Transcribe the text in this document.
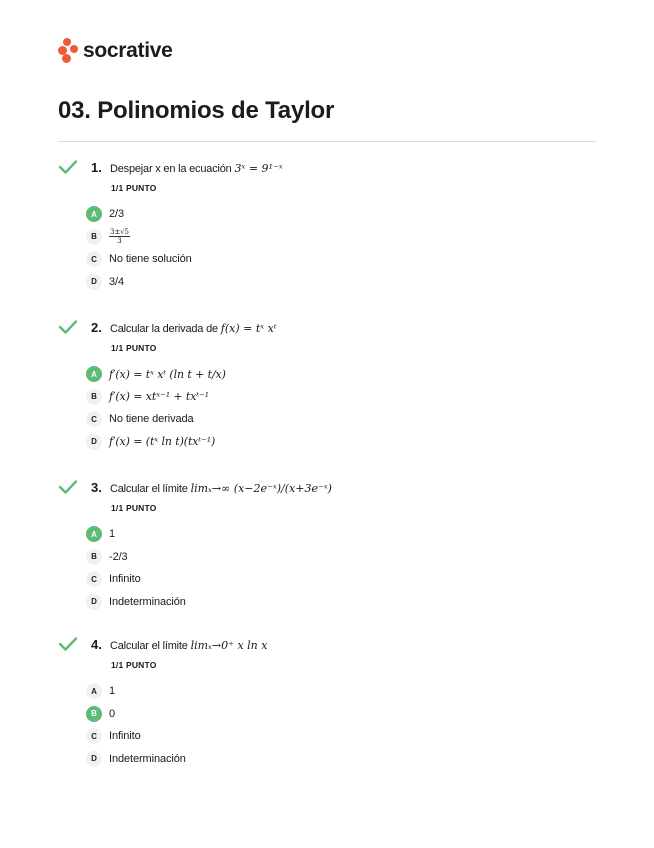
socrative
03. Polinomios de Taylor
1. Despejar x en la ecuación 3ˣ = 9¹⁻ˣ
1/1 PUNTO
A	2/3
B	$\frac{3\pm√5}{3}$
C	No tiene solución
D	3/4
2. Calcular la derivada de f(x) = tˣ xᵗ
1/1 PUNTO
A	f′(x) = tˣ xᵗ (ln t + t/x)
B	f′(x) = xtˣ⁻¹ + txᵗ⁻¹
C	No tiene derivada
D	f′(x) = (tˣ ln t)(txᵗ⁻¹)
3. Calcular el límite limₓ→∞ (x−2e⁻ˣ)/(x+3e⁻ˣ)
1/1 PUNTO
A	1
B	-2/3
C	Infinito
D	Indeterminación
4. Calcular el límite limₓ→0⁺ x ln x
1/1 PUNTO
A	1
B	0
C	Infinito
D	Indeterminación
